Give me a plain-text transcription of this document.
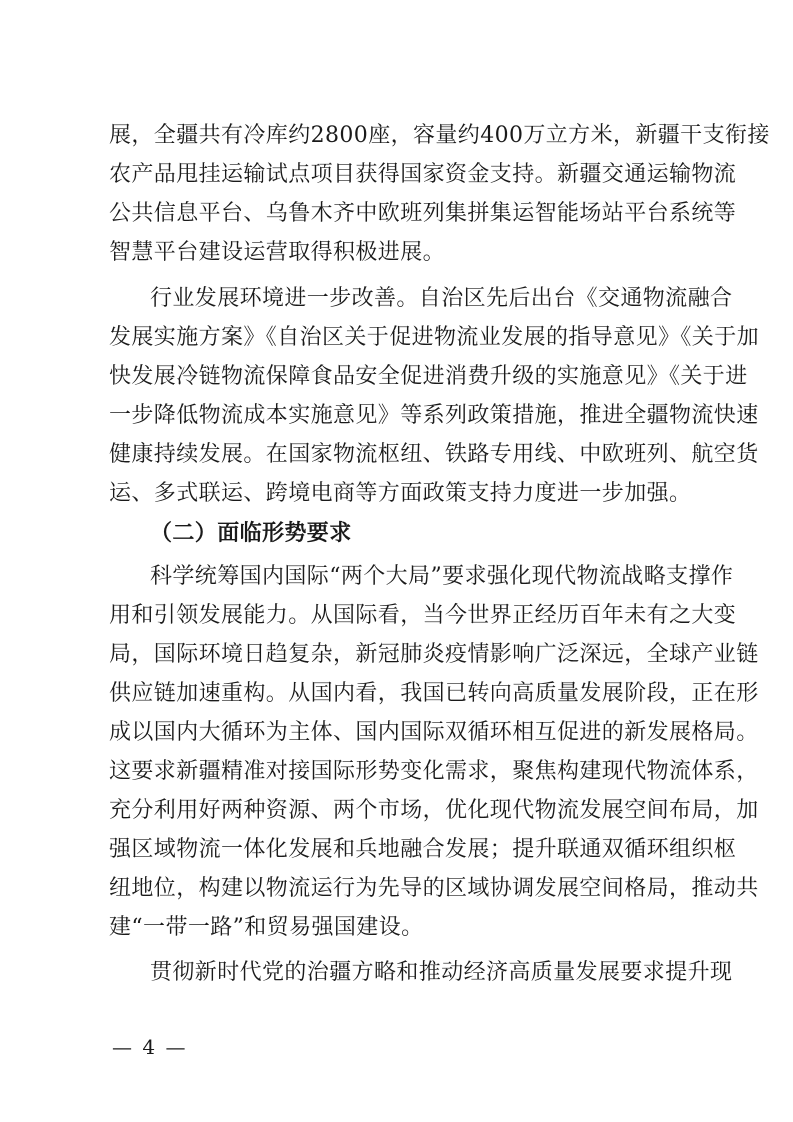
展，全疆共有冷库约2800座，容量约400万立方米，新疆干支衔接
农产品甩挂运输试点项目获得国家资金支持。新疆交通运输物流
公共信息平台、乌鲁木齐中欧班列集拼集运智能场站平台系统等
智慧平台建设运营取得积极进展。
行业发展环境进一步改善。自治区先后出台《交通物流融合
发展实施方案》《自治区关于促进物流业发展的指导意见》《关于加
快发展冷链物流保障食品安全促进消费升级的实施意见》《关于进
一步降低物流成本实施意见》等系列政策措施，推进全疆物流快速
健康持续发展。在国家物流枢纽、铁路专用线、中欧班列、航空货
运、多式联运、跨境电商等方面政策支持力度进一步加强。
（二）面临形势要求
科学统筹国内国际“两个大局”要求强化现代物流战略支撑作
用和引领发展能力。从国际看，当今世界正经历百年未有之大变
局，国际环境日趋复杂，新冠肺炎疫情影响广泛深远，全球产业链
供应链加速重构。从国内看，我国已转向高质量发展阶段，正在形
成以国内大循环为主体、国内国际双循环相互促进的新发展格局。
这要求新疆精准对接国际形势变化需求，聚焦构建现代物流体系，
充分利用好两种资源、两个市场，优化现代物流发展空间布局，加
强区域物流一体化发展和兵地融合发展；提升联通双循环组织枢
纽地位，构建以物流运行为先导的区域协调发展空间格局，推动共
建“一带一路”和贸易强国建设。
贯彻新时代党的治疆方略和推动经济高质量发展要求提升现
— 4 —
